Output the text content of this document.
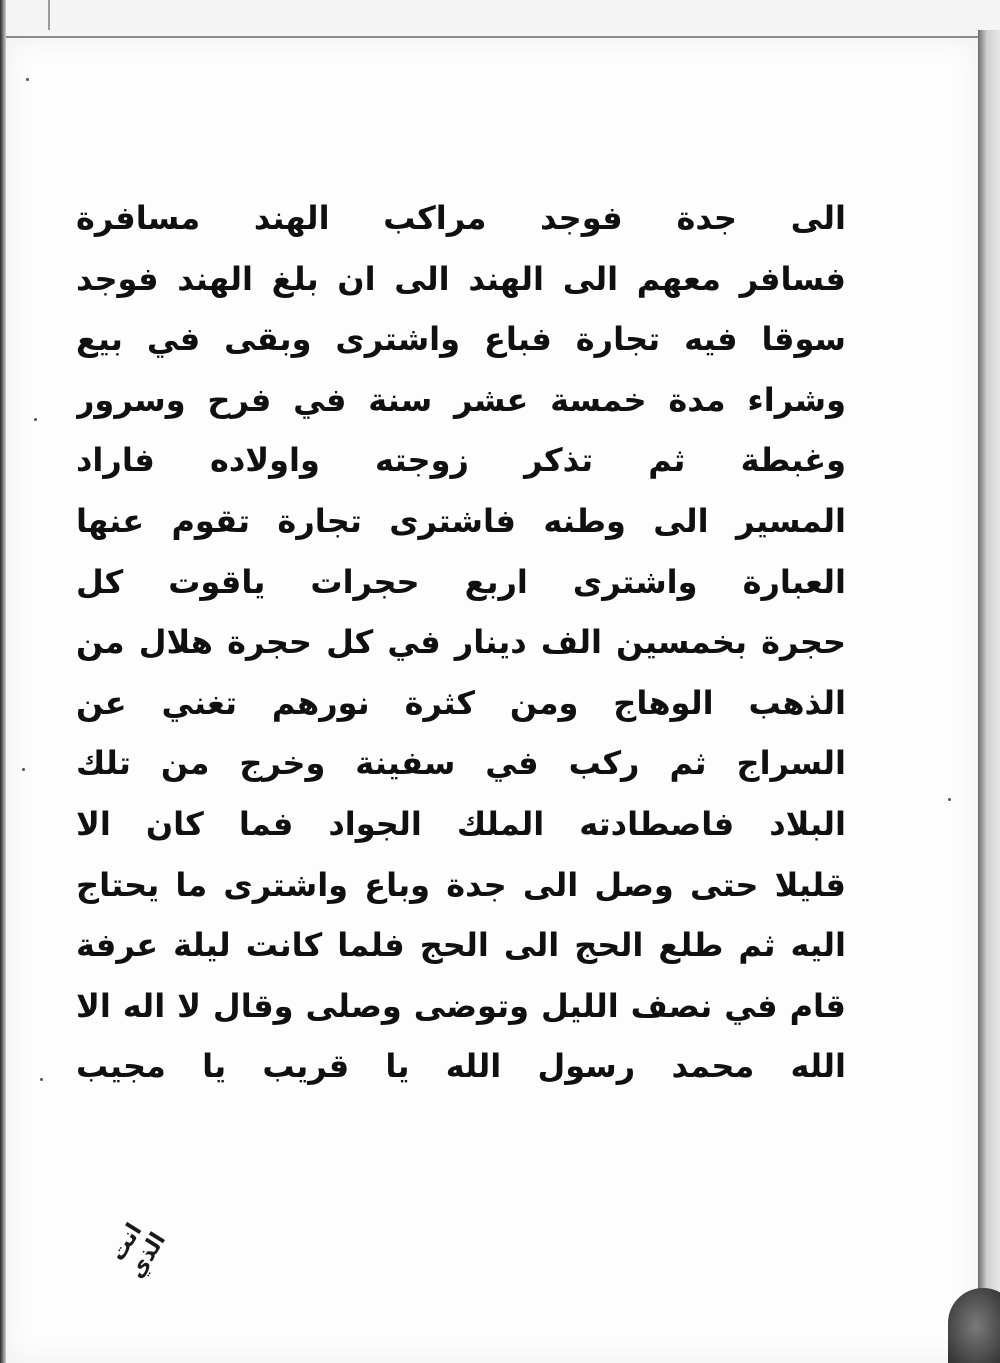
الى جدة فوجد مراكب الهند مسافرة
فسافر معهم الى الهند الى ان بلغ الهند فوجد
سوقا فيه تجارة فباع واشترى وبقى في بيع
وشراء مدة خمسة عشر سنة في فرح وسرور
وغبطة ثم تذكر زوجته واولاده فاراد
المسير الى وطنه فاشترى تجارة تقوم عنها
العبارة واشترى اربع حجرات ياقوت كل
حجرة بخمسين الف دينار في كل حجرة هلال من
الذهب الوهاج ومن كثرة نورهم تغني عن
السراج ثم ركب في سفينة وخرج من تلك
البلاد فاصطادته الملك الجواد فما كان الا
قليلا حتى وصل الى جدة وباع واشترى ما يحتاج
اليه ثم طلع الحج الى الحج فلما كانت ليلة عرفة
قام في نصف الليل وتوضى وصلى وقال لا اله الا
الله محمد رسول الله يا قريب يا مجيب
انت الذي
